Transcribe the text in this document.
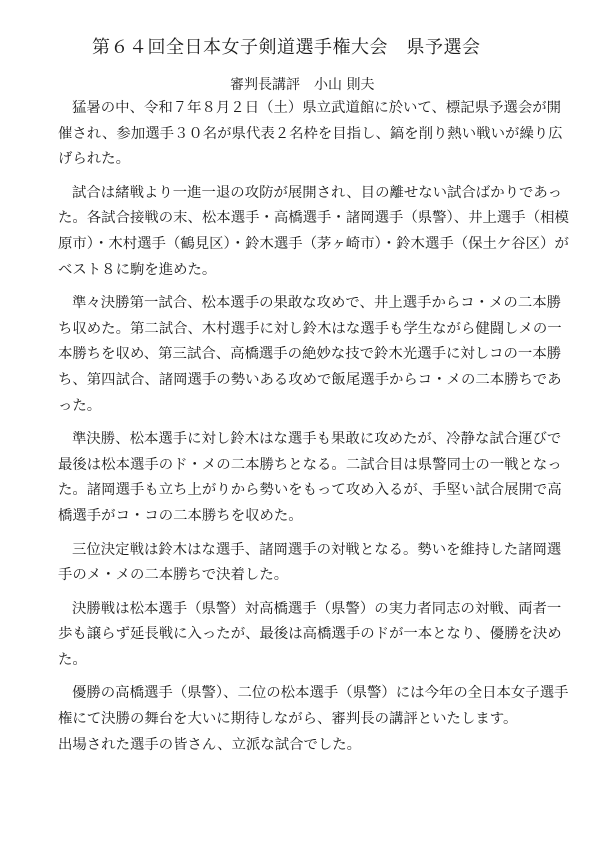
第６４回全日本女子剣道選手権大会　県予選会
審判長講評 小山 則夫

猛暑の中、令和７年８月２日（土）県立武道館に於いて、標記県予選会が開
催され、参加選手３０名が県代表２名枠を目指し、鎬を削り熱い戦いが繰り広
げられた。

試合は緒戦より一進一退の攻防が展開され、目の離せない試合ばかりであっ
た。各試合接戦の末、松本選手・高橋選手・諸岡選手（県警）、井上選手（相模
原市）・木村選手（鶴見区）・鈴木選手（茅ヶ崎市）・鈴木選手（保土ケ谷区）が
ベスト８に駒を進めた。

準々決勝第一試合、松本選手の果敢な攻めで、井上選手からコ・メの二本勝
ち収めた。第二試合、木村選手に対し鈴木はな選手も学生ながら健闘しメの一
本勝ちを収め、第三試合、高橋選手の絶妙な技で鈴木光選手に対しコの一本勝
ち、第四試合、諸岡選手の勢いある攻めで飯尾選手からコ・メの二本勝ちであ
った。

準決勝、松本選手に対し鈴木はな選手も果敢に攻めたが、冷静な試合運びで
最後は松本選手のド・メの二本勝ちとなる。二試合目は県警同士の一戦となっ
た。諸岡選手も立ち上がりから勢いをもって攻め入るが、手堅い試合展開で高
橋選手がコ・コの二本勝ちを収めた。

三位決定戦は鈴木はな選手、諸岡選手の対戦となる。勢いを維持した諸岡選
手のメ・メの二本勝ちで決着した。

決勝戦は松本選手（県警）対高橋選手（県警）の実力者同志の対戦、両者一
歩も譲らず延長戦に入ったが、最後は高橋選手のドが一本となり、優勝を決め
た。

優勝の高橋選手（県警）、二位の松本選手（県警）には今年の全日本女子選手
権にて決勝の舞台を大いに期待しながら、審判長の講評といたします。

出場された選手の皆さん、立派な試合でした。
